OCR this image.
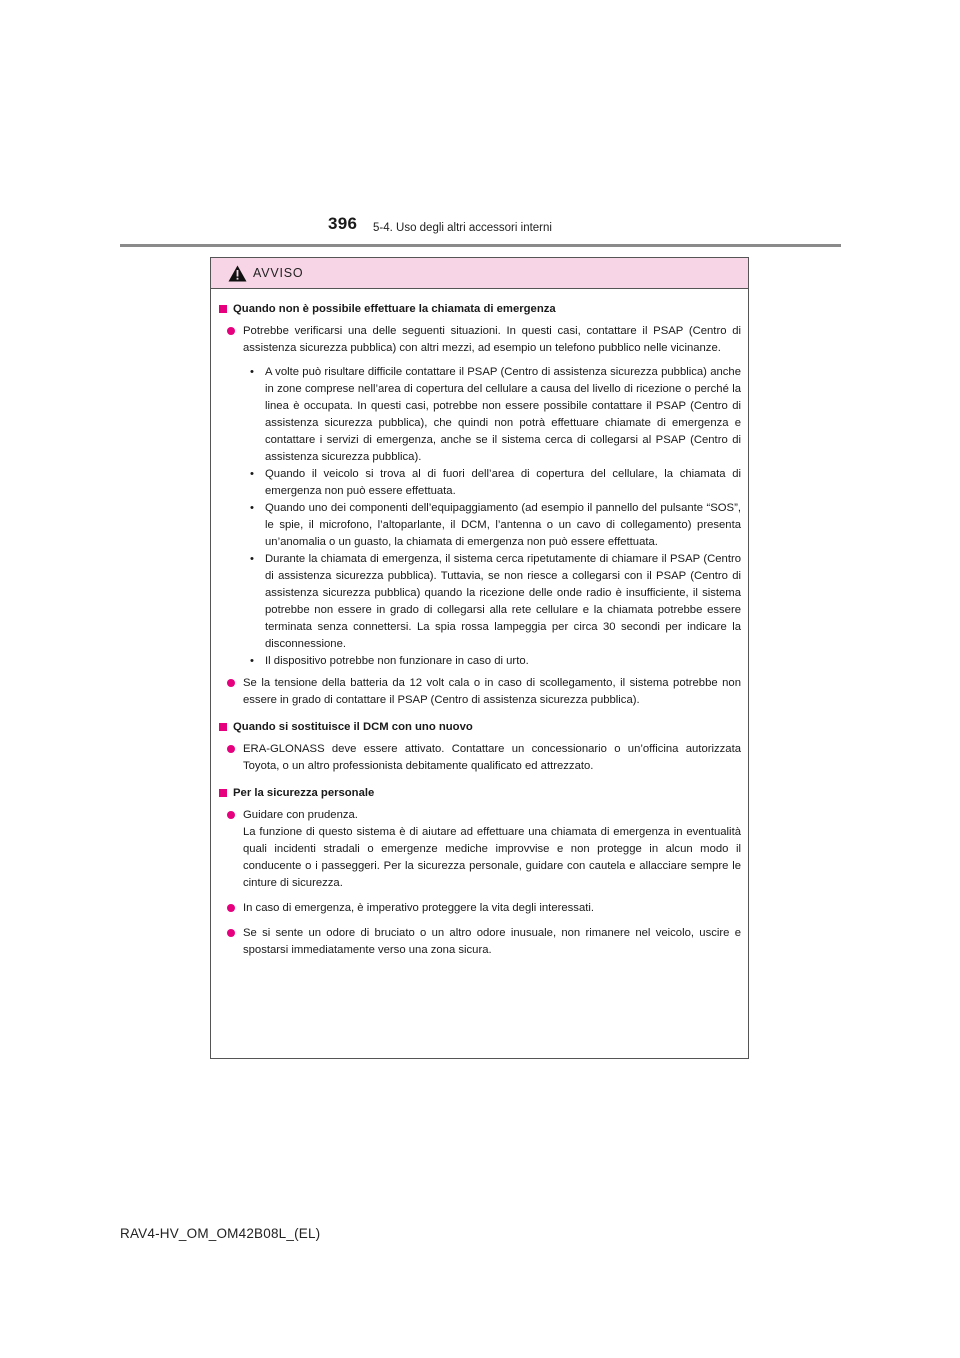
396 5-4. Uso degli altri accessori interni
AVVISO
Quando non è possibile effettuare la chiamata di emergenza
Potrebbe verificarsi una delle seguenti situazioni. In questi casi, contattare il PSAP (Centro di assistenza sicurezza pubblica) con altri mezzi, ad esempio un telefono pubblico nelle vicinanze.
• A volte può risultare difficile contattare il PSAP (Centro di assistenza sicurezza pubblica) anche in zone comprese nell’area di copertura del cellulare a causa del livello di ricezione o perché la linea è occupata. In questi casi, potrebbe non essere possibile contattare il PSAP (Centro di assistenza sicurezza pubblica), che quindi non potrà effettuare chiamate di emergenza e contattare i servizi di emergenza, anche se il sistema cerca di collegarsi al PSAP (Centro di assistenza sicurezza pubblica).
• Quando il veicolo si trova al di fuori dell’area di copertura del cellulare, la chiamata di emergenza non può essere effettuata.
• Quando uno dei componenti dell’equipaggiamento (ad esempio il pannello del pulsante “SOS”, le spie, il microfono, l’altoparlante, il DCM, l’antenna o un cavo di collegamento) presenta un’anomalia o un guasto, la chiamata di emergenza non può essere effettuata.
• Durante la chiamata di emergenza, il sistema cerca ripetutamente di chiamare il PSAP (Centro di assistenza sicurezza pubblica). Tuttavia, se non riesce a collegarsi con il PSAP (Centro di assistenza sicurezza pubblica) quando la ricezione delle onde radio è insufficiente, il sistema potrebbe non essere in grado di collegarsi alla rete cellulare e la chiamata potrebbe essere terminata senza connettersi. La spia rossa lampeggia per circa 30 secondi per indicare la disconnessione.
• Il dispositivo potrebbe non funzionare in caso di urto.
Se la tensione della batteria da 12 volt cala o in caso di scollegamento, il sistema potrebbe non essere in grado di contattare il PSAP (Centro di assistenza sicurezza pubblica).
Quando si sostituisce il DCM con uno nuovo
ERA-GLONASS deve essere attivato. Contattare un concessionario o un’officina autorizzata Toyota, o un altro professionista debitamente qualificato ed attrezzato.
Per la sicurezza personale
Guidare con prudenza.
La funzione di questo sistema è di aiutare ad effettuare una chiamata di emergenza in eventualità quali incidenti stradali o emergenze mediche improvvise e non protegge in alcun modo il conducente o i passeggeri. Per la sicurezza personale, guidare con cautela e allacciare sempre le cinture di sicurezza.
In caso di emergenza, è imperativo proteggere la vita degli interessati.
Se si sente un odore di bruciato o un altro odore inusuale, non rimanere nel veicolo, uscire e spostarsi immediatamente verso una zona sicura.
RAV4-HV_OM_OM42B08L_(EL)
